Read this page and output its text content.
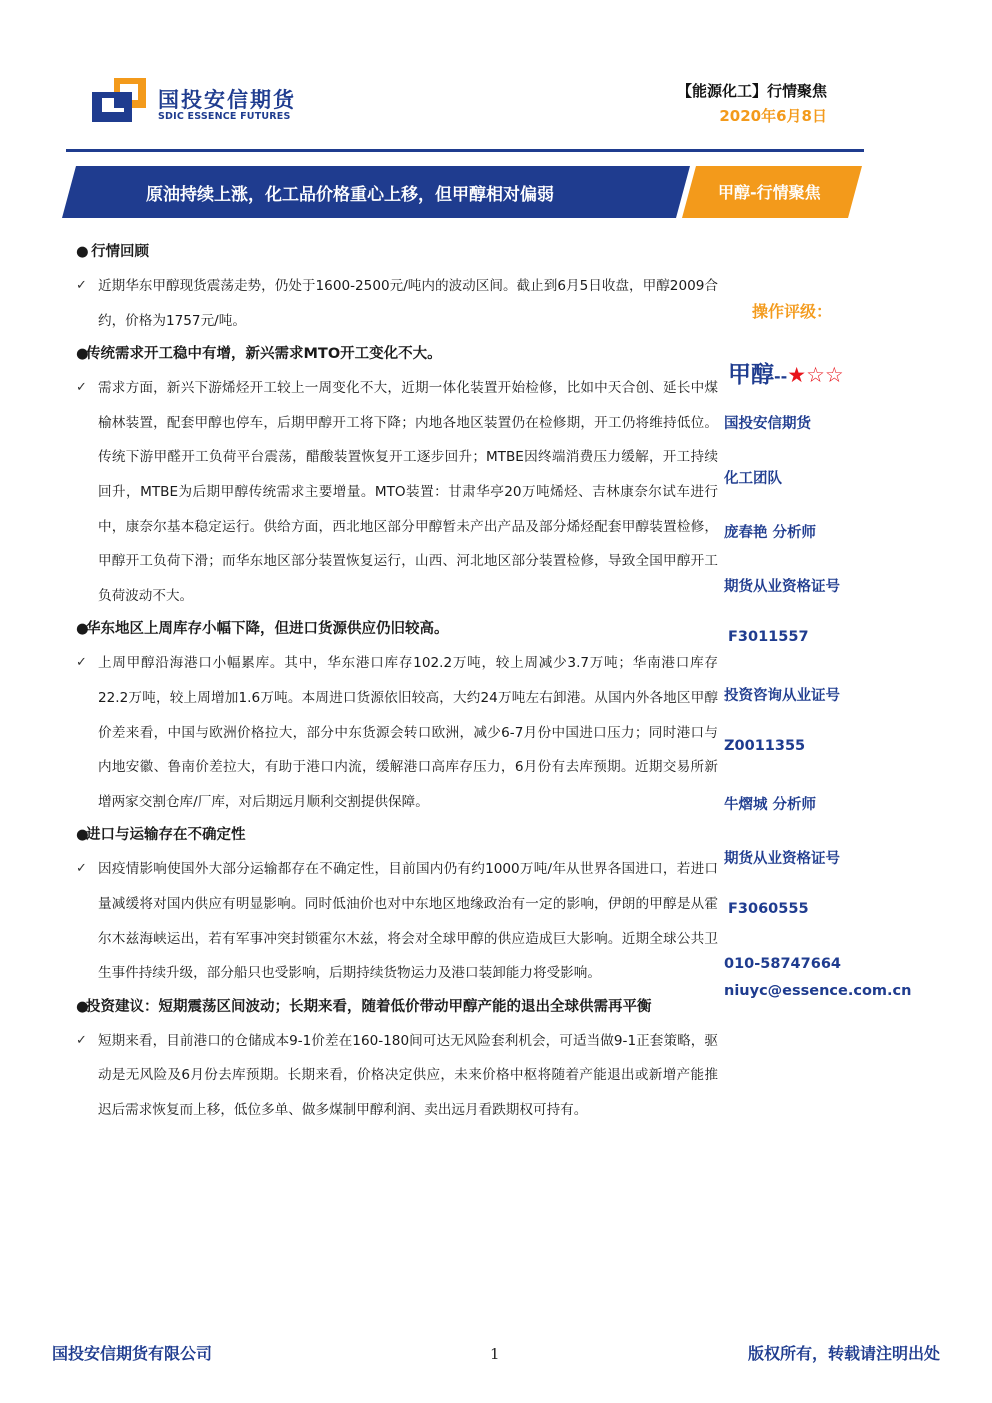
国投安信期货
SDIC ESSENCE FUTURES
【能源化工】行情聚焦
2020年6月8日
原油持续上涨，化工品价格重心上移，但甲醇相对偏弱	甲醇-行情聚焦
● 行情回顾
✓ 近期华东甲醇现货震荡走势，仍处于1600-2500元/吨内的波动区间。截止到6月5日收盘，甲醇2009合约，价格为1757元/吨。
●传统需求开工稳中有增，新兴需求MTO开工变化不大。
✓ 需求方面，新兴下游烯烃开工较上一周变化不大，近期一体化装置开始检修，比如中天合创、延长中煤榆林装置，配套甲醇也停车，后期甲醇开工将下降；内地各地区装置仍在检修期，开工仍将维持低位。传统下游甲醛开工负荷平台震荡，醋酸装置恢复开工逐步回升；MTBE因终端消费压力缓解，开工持续回升，MTBE为后期甲醇传统需求主要增量。MTO装置：甘肃华亭20万吨烯烃、吉林康奈尔试车进行中，康奈尔基本稳定运行。供给方面，西北地区部分甲醇暂未产出产品及部分烯烃配套甲醇装置检修，甲醇开工负荷下滑；而华东地区部分装置恢复运行，山西、河北地区部分装置检修，导致全国甲醇开工负荷波动不大。
●华东地区上周库存小幅下降，但进口货源供应仍旧较高。
✓ 上周甲醇沿海港口小幅累库。其中，华东港口库存102.2万吨，较上周减少3.7万吨；华南港口库存22.2万吨，较上周增加1.6万吨。本周进口货源依旧较高，大约24万吨左右卸港。从国内外各地区甲醇价差来看，中国与欧洲价格拉大，部分中东货源会转口欧洲，减少6-7月份中国进口压力；同时港口与内地安徽、鲁南价差拉大，有助于港口内流，缓解港口高库存压力，6月份有去库预期。近期交易所新增两家交割仓库/厂库，对后期远月顺利交割提供保障。
●进口与运输存在不确定性
✓ 因疫情影响使国外大部分运输都存在不确定性，目前国内仍有约1000万吨/年从世界各国进口，若进口量减缓将对国内供应有明显影响。同时低油价也对中东地区地缘政治有一定的影响，伊朗的甲醇是从霍尔木兹海峡运出，若有军事冲突封锁霍尔木兹，将会对全球甲醇的供应造成巨大影响。近期全球公共卫生事件持续升级，部分船只也受影响，后期持续货物运力及港口装卸能力将受影响。
●投资建议：短期震荡区间波动；长期来看，随着低价带动甲醇产能的退出全球供需再平衡
✓ 短期来看，目前港口的仓储成本9-1价差在160-180间可达无风险套利机会，可适当做9-1正套策略，驱动是无风险及6月份去库预期。长期来看，价格决定供应，未来价格中枢将随着产能退出或新增产能推迟后需求恢复而上移，低位多单、做多煤制甲醇利润、卖出远月看跌期权可持有。
操作评级：
甲醇--★☆☆
国投安信期货
化工团队
庞春艳 分析师
期货从业资格证号
F3011557
投资咨询从业证号
Z0011355
牛熠城 分析师
期货从业资格证号
F3060555
010-58747664
niuyc@essence.com.cn
国投安信期货有限公司	1	版权所有，转载请注明出处
